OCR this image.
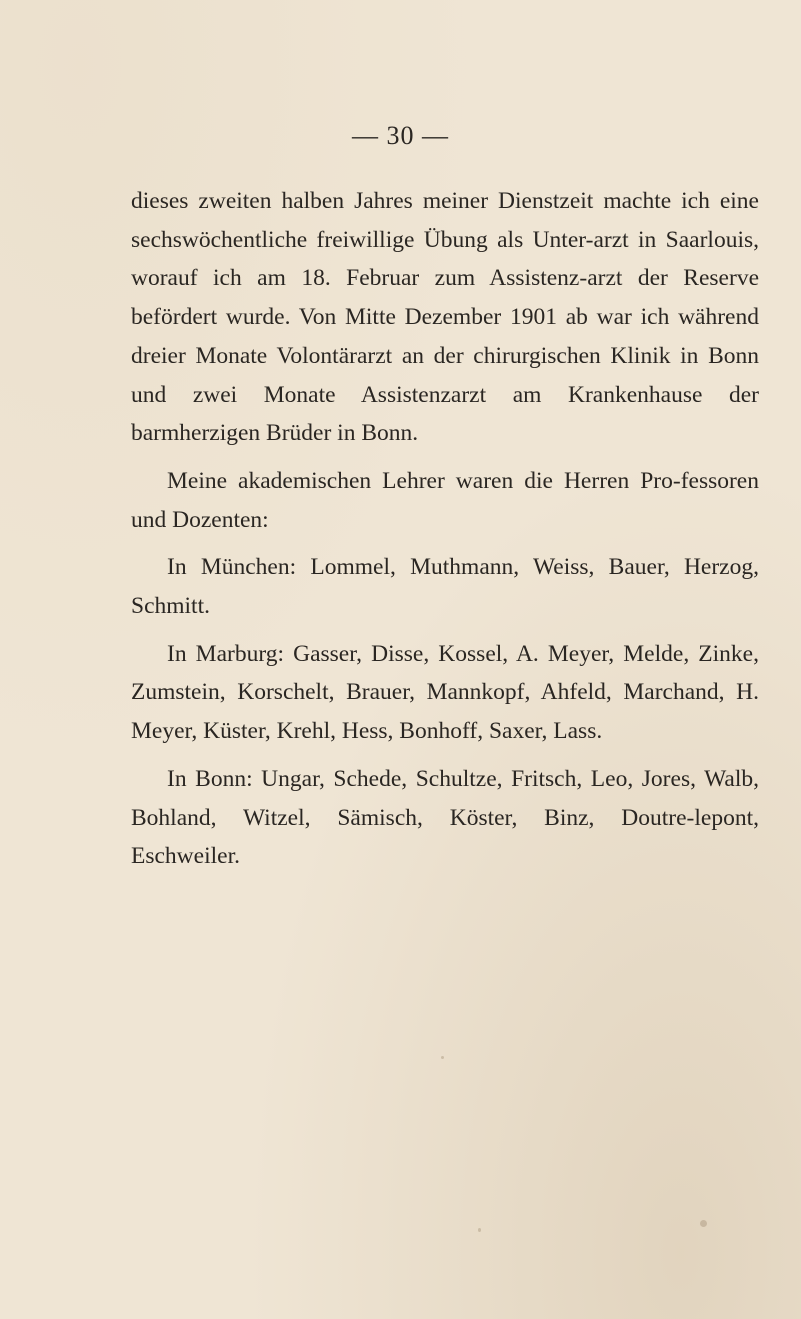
— 30 —

dieses zweiten halben Jahres meiner Dienstzeit machte ich eine sechswöchentliche freiwillige Übung als Unter-arzt in Saarlouis, worauf ich am 18. Februar zum Assistenz-arzt der Reserve befördert wurde. Von Mitte Dezember 1901 ab war ich während dreier Monate Volontärarzt an der chirurgischen Klinik in Bonn und zwei Monate Assistenzarzt am Krankenhause der barmherzigen Brüder in Bonn.

Meine akademischen Lehrer waren die Herren Pro-fessoren und Dozenten:

In München: Lommel, Muthmann, Weiss, Bauer, Herzog, Schmitt.

In Marburg: Gasser, Disse, Kossel, A. Meyer, Melde, Zinke, Zumstein, Korschelt, Brauer, Mannkopf, Ahfeld, Marchand, H. Meyer, Küster, Krehl, Hess, Bonhoff, Saxer, Lass.

In Bonn: Ungar, Schede, Schultze, Fritsch, Leo, Jores, Walb, Bohland, Witzel, Sämisch, Köster, Binz, Doutre-lepont, Eschweiler.
